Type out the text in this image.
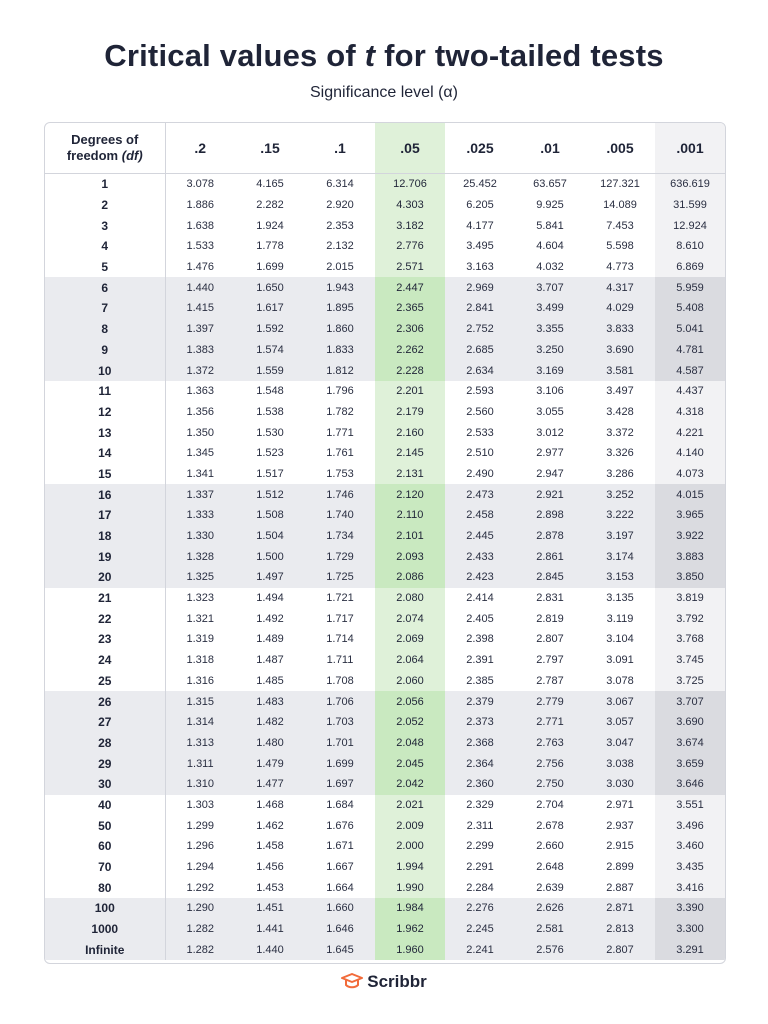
Critical values of t for two-tailed tests
Significance level (α)
Degrees of
freedom (df)	.2	.15	.1	.05	.025	.01	.005	.001
1	3.078	4.165	6.314	12.706	25.452	63.657	127.321	636.619
2	1.886	2.282	2.920	4.303	6.205	9.925	14.089	31.599
3	1.638	1.924	2.353	3.182	4.177	5.841	7.453	12.924
4	1.533	1.778	2.132	2.776	3.495	4.604	5.598	8.610
5	1.476	1.699	2.015	2.571	3.163	4.032	4.773	6.869
6	1.440	1.650	1.943	2.447	2.969	3.707	4.317	5.959
7	1.415	1.617	1.895	2.365	2.841	3.499	4.029	5.408
8	1.397	1.592	1.860	2.306	2.752	3.355	3.833	5.041
9	1.383	1.574	1.833	2.262	2.685	3.250	3.690	4.781
10	1.372	1.559	1.812	2.228	2.634	3.169	3.581	4.587
11	1.363	1.548	1.796	2.201	2.593	3.106	3.497	4.437
12	1.356	1.538	1.782	2.179	2.560	3.055	3.428	4.318
13	1.350	1.530	1.771	2.160	2.533	3.012	3.372	4.221
14	1.345	1.523	1.761	2.145	2.510	2.977	3.326	4.140
15	1.341	1.517	1.753	2.131	2.490	2.947	3.286	4.073
16	1.337	1.512	1.746	2.120	2.473	2.921	3.252	4.015
17	1.333	1.508	1.740	2.110	2.458	2.898	3.222	3.965
18	1.330	1.504	1.734	2.101	2.445	2.878	3.197	3.922
19	1.328	1.500	1.729	2.093	2.433	2.861	3.174	3.883
20	1.325	1.497	1.725	2.086	2.423	2.845	3.153	3.850
21	1.323	1.494	1.721	2.080	2.414	2.831	3.135	3.819
22	1.321	1.492	1.717	2.074	2.405	2.819	3.119	3.792
23	1.319	1.489	1.714	2.069	2.398	2.807	3.104	3.768
24	1.318	1.487	1.711	2.064	2.391	2.797	3.091	3.745
25	1.316	1.485	1.708	2.060	2.385	2.787	3.078	3.725
26	1.315	1.483	1.706	2.056	2.379	2.779	3.067	3.707
27	1.314	1.482	1.703	2.052	2.373	2.771	3.057	3.690
28	1.313	1.480	1.701	2.048	2.368	2.763	3.047	3.674
29	1.311	1.479	1.699	2.045	2.364	2.756	3.038	3.659
30	1.310	1.477	1.697	2.042	2.360	2.750	3.030	3.646
40	1.303	1.468	1.684	2.021	2.329	2.704	2.971	3.551
50	1.299	1.462	1.676	2.009	2.311	2.678	2.937	3.496
60	1.296	1.458	1.671	2.000	2.299	2.660	2.915	3.460
70	1.294	1.456	1.667	1.994	2.291	2.648	2.899	3.435
80	1.292	1.453	1.664	1.990	2.284	2.639	2.887	3.416
100	1.290	1.451	1.660	1.984	2.276	2.626	2.871	3.390
1000	1.282	1.441	1.646	1.962	2.245	2.581	2.813	3.300
Infinite	1.282	1.440	1.645	1.960	2.241	2.576	2.807	3.291
Scribbr
